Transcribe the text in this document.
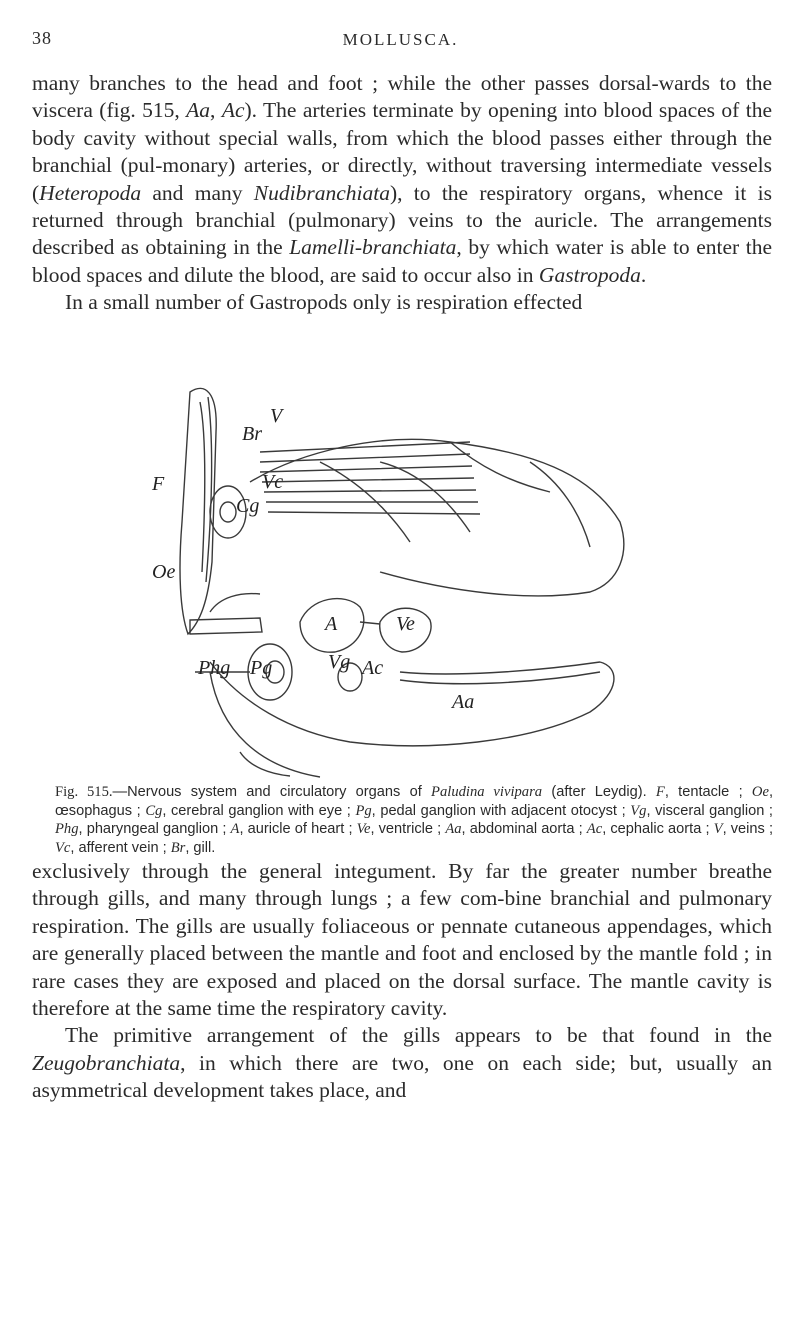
38	MOLLUSCA.

many branches to the head and foot ; while the other passes dorsal-wards to the viscera (fig. 515, Aa, Ac). The arteries terminate by opening into blood spaces of the body cavity without special walls, from which the blood passes either through the branchial (pul-monary) arteries, or directly, without traversing intermediate vessels (Heteropoda and many Nudibranchiata), to the respiratory organs, whence it is returned through branchial (pulmonary) veins to the auricle. The arrangements described as obtaining in the Lamelli-branchiata, by which water is able to enter the blood spaces and dilute the blood, are said to occur also in Gastropoda.

In a small number of Gastropods only is respiration effected

F
Br
V
Vc
Cg
Oe
A	Ve
Vg Ac
Aa
Phg Pg

Fig. 515.—Nervous system and circulatory organs of Paludina vivipara (after Leydig). F, tentacle ; Oe, œsophagus ; Cg, cerebral ganglion with eye ; Pg, pedal ganglion with adjacent otocyst ; Vg, visceral ganglion ; Phg, pharyngeal ganglion ; A, auricle of heart ; Ve, ventricle ; Aa, abdominal aorta ; Ac, cephalic aorta ; V, veins ; Vc, afferent vein ; Br, gill.

exclusively through the general integument. By far the greater number breathe through gills, and many through lungs ; a few com-bine branchial and pulmonary respiration. The gills are usually foliaceous or pennate cutaneous appendages, which are generally placed between the mantle and foot and enclosed by the mantle fold ; in rare cases they are exposed and placed on the dorsal surface. The mantle cavity is therefore at the same time the respiratory cavity.

The primitive arrangement of the gills appears to be that found in the Zeugobranchiata, in which there are two, one on each side; but, usually an asymmetrical development takes place, and
